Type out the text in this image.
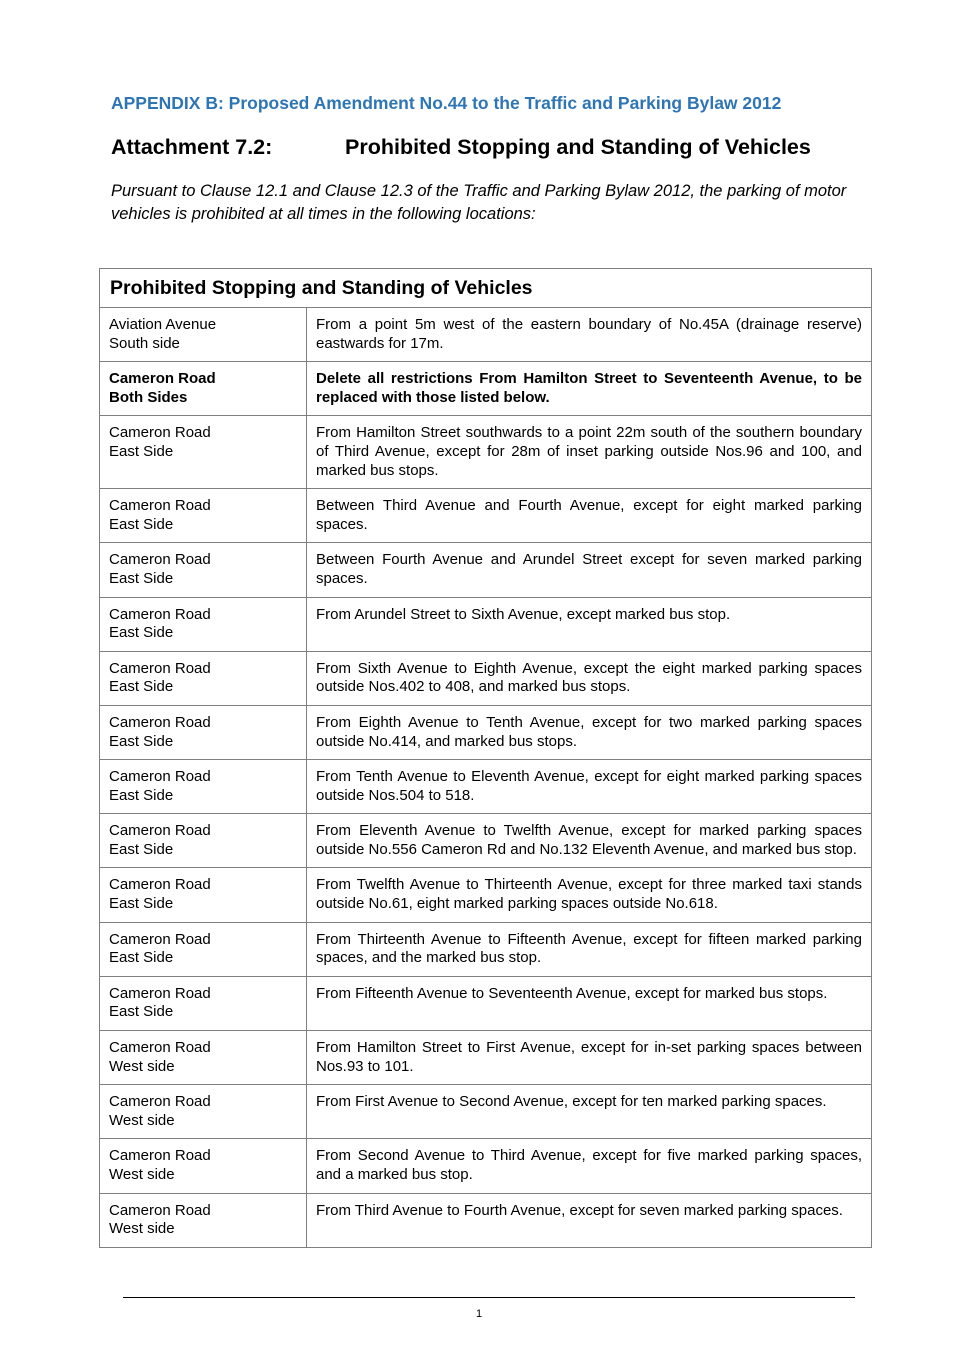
APPENDIX B: Proposed Amendment No.44 to the Traffic and Parking Bylaw 2012
Attachment 7.2:	Prohibited Stopping and Standing of Vehicles
Pursuant to Clause 12.1 and Clause 12.3 of the Traffic and Parking Bylaw 2012, the parking of motor vehicles is prohibited at all times in the following locations:
Prohibited Stopping and Standing of Vehicles	

Aviation Avenue
South side	From a point 5m west of the eastern boundary of No.45A (drainage reserve) eastwards for 17m.

Cameron Road
Both Sides	Delete all restrictions From Hamilton Street to Seventeenth Avenue, to be replaced with those listed below.

Cameron Road
East Side	From Hamilton Street southwards to a point 22m south of the southern boundary of Third Avenue, except for 28m of inset parking outside Nos.96 and 100, and marked bus stops.

Cameron Road
East Side	Between Third Avenue and Fourth Avenue, except for eight marked parking spaces.

Cameron Road
East Side	Between Fourth Avenue and Arundel Street except for seven marked parking spaces.

Cameron Road
East Side	From Arundel Street to Sixth Avenue, except marked bus stop.

Cameron Road
East Side	From Sixth Avenue to Eighth Avenue, except the eight marked parking spaces outside Nos.402 to 408, and marked bus stops.

Cameron Road
East Side	From Eighth Avenue to Tenth Avenue, except for two marked parking spaces outside No.414, and marked bus stops.

Cameron Road
East Side	From Tenth Avenue to Eleventh Avenue, except for eight marked parking spaces outside Nos.504 to 518.

Cameron Road
East Side	From Eleventh Avenue to Twelfth Avenue, except for marked parking spaces outside No.556 Cameron Rd and No.132 Eleventh Avenue, and marked bus stop.

Cameron Road
East Side	From Twelfth Avenue to Thirteenth Avenue, except for three marked taxi stands outside No.61, eight marked parking spaces outside No.618.

Cameron Road
East Side	From Thirteenth Avenue to Fifteenth Avenue, except for fifteen marked parking spaces, and the marked bus stop.

Cameron Road
East Side	From Fifteenth Avenue to Seventeenth Avenue, except for marked bus stops.

Cameron Road
West side	From Hamilton Street to First Avenue, except for in-set parking spaces between Nos.93 to 101.

Cameron Road
West side	From First Avenue to Second Avenue, except for ten marked parking spaces.

Cameron Road
West side	From Second Avenue to Third Avenue, except for five marked parking spaces, and a marked bus stop.

Cameron Road
West side	From Third Avenue to Fourth Avenue, except for seven marked parking spaces.
1
